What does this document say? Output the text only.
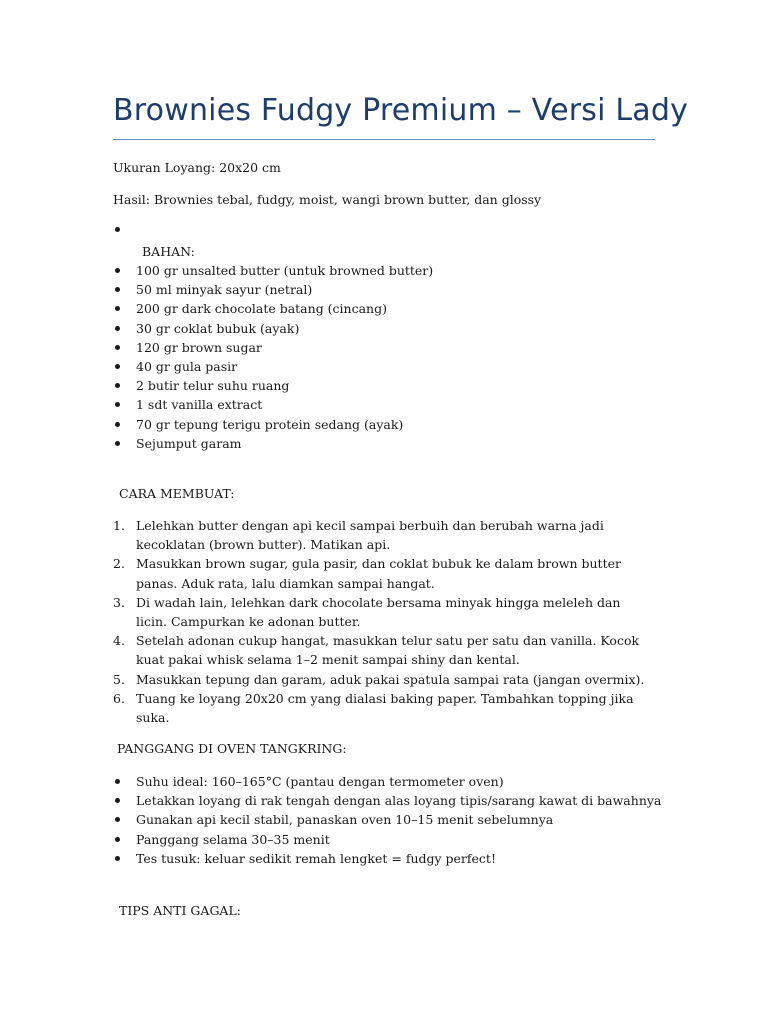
Brownies Fudgy Premium – Versi Lady
Ukuran Loyang: 20x20 cm
Hasil: Brownies tebal, fudgy, moist, wangi brown butter, dan glossy
BAHAN:
100 gr unsalted butter (untuk browned butter)
50 ml minyak sayur (netral)
200 gr dark chocolate batang (cincang)
30 gr coklat bubuk (ayak)
120 gr brown sugar
40 gr gula pasir
2 butir telur suhu ruang
1 sdt vanilla extract
70 gr tepung terigu protein sedang (ayak)
Sejumput garam
CARA MEMBUAT:
1. Lelehkan butter dengan api kecil sampai berbuih dan berubah warna jadi kecoklatan (brown butter). Matikan api.
2. Masukkan brown sugar, gula pasir, dan coklat bubuk ke dalam brown butter panas. Aduk rata, lalu diamkan sampai hangat.
3. Di wadah lain, lelehkan dark chocolate bersama minyak hingga meleleh dan licin. Campurkan ke adonan butter.
4. Setelah adonan cukup hangat, masukkan telur satu per satu dan vanilla. Kocok kuat pakai whisk selama 1–2 menit sampai shiny dan kental.
5. Masukkan tepung dan garam, aduk pakai spatula sampai rata (jangan overmix).
6. Tuang ke loyang 20x20 cm yang dialasi baking paper. Tambahkan topping jika suka.
PANGGANG DI OVEN TANGKRING:
Suhu ideal: 160–165°C (pantau dengan termometer oven)
Letakkan loyang di rak tengah dengan alas loyang tipis/sarang kawat di bawahnya
Gunakan api kecil stabil, panaskan oven 10–15 menit sebelumnya
Panggang selama 30–35 menit
Tes tusuk: keluar sedikit remah lengket = fudgy perfect!
TIPS ANTI GAGAL:
